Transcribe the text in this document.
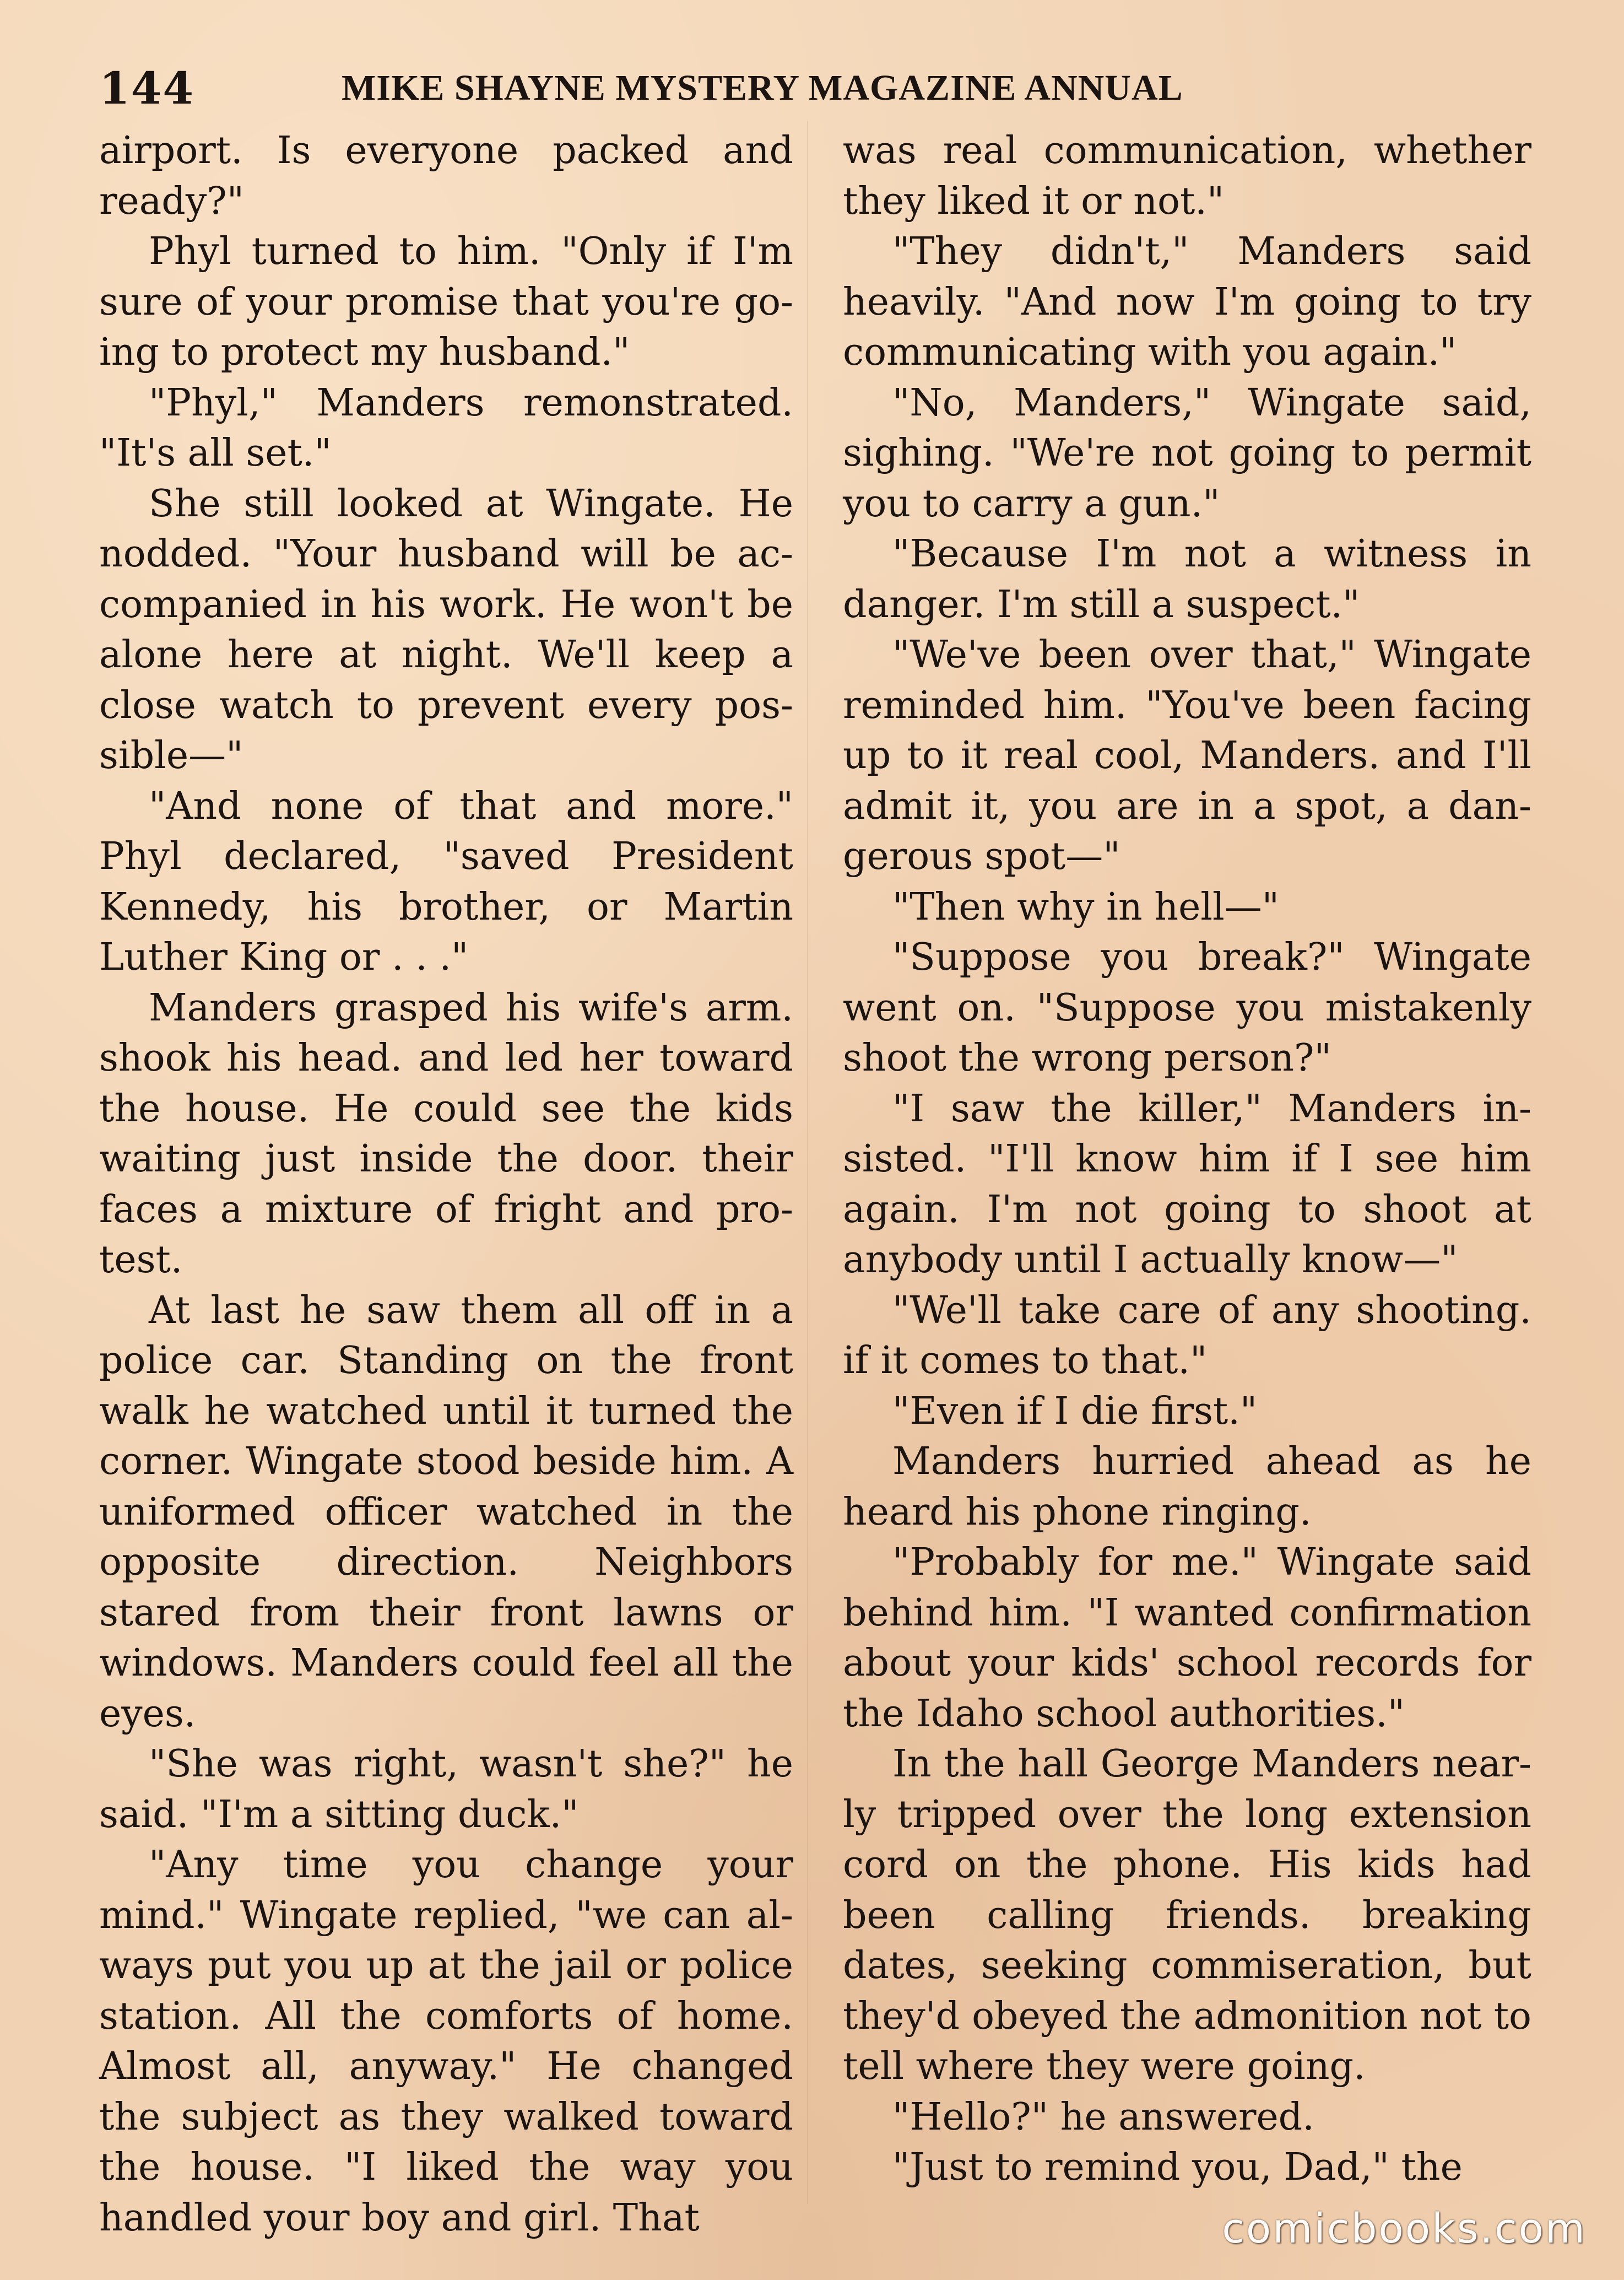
144	MIKE SHAYNE MYSTERY MAGAZINE ANNUAL

airport. Is everyone packed and ready?"

Phyl turned to him. "Only if I'm sure of your promise that you're going to protect my husband."

"Phyl," Manders remonstrated. "It's all set."

She still looked at Wingate. He nodded. "Your husband will be accompanied in his work. He won't be alone here at night. We'll keep a close watch to prevent every possible—"

"And none of that and more." Phyl declared, "saved President Kennedy, his brother, or Martin Luther King or . . ."

Manders grasped his wife's arm. shook his head. and led her toward the house. He could see the kids waiting just inside the door. their faces a mixture of fright and protest.

At last he saw them all off in a police car. Standing on the front walk he watched until it turned the corner. Wingate stood beside him. A uniformed officer watched in the opposite direction. Neighbors stared from their front lawns or windows. Manders could feel all the eyes.

"She was right, wasn't she?" he said. "I'm a sitting duck."

"Any time you change your mind." Wingate replied, "we can always put you up at the jail or police station. All the comforts of home. Almost all, anyway." He changed the subject as they walked toward the house. "I liked the way you handled your boy and girl. That

was real communication, whether they liked it or not."

"They didn't," Manders said heavily. "And now I'm going to try communicating with you again."

"No, Manders," Wingate said, sighing. "We're not going to permit you to carry a gun."

"Because I'm not a witness in danger. I'm still a suspect."

"We've been over that," Wingate reminded him. "You've been facing up to it real cool, Manders. and I'll admit it, you are in a spot, a dangerous spot—"

"Then why in hell—"

"Suppose you break?" Wingate went on. "Suppose you mistakenly shoot the wrong person?"

"I saw the killer," Manders insisted. "I'll know him if I see him again. I'm not going to shoot at anybody until I actually know—"

"We'll take care of any shooting. if it comes to that."

"Even if I die first."

Manders hurried ahead as he heard his phone ringing.

"Probably for me." Wingate said behind him. "I wanted confirmation about your kids' school records for the Idaho school authorities."

In the hall George Manders nearly tripped over the long extension cord on the phone. His kids had been calling friends. breaking dates, seeking commiseration, but they'd obeyed the admonition not to tell where they were going.

"Hello?" he answered.

"Just to remind you, Dad," the

comicbooks.com
